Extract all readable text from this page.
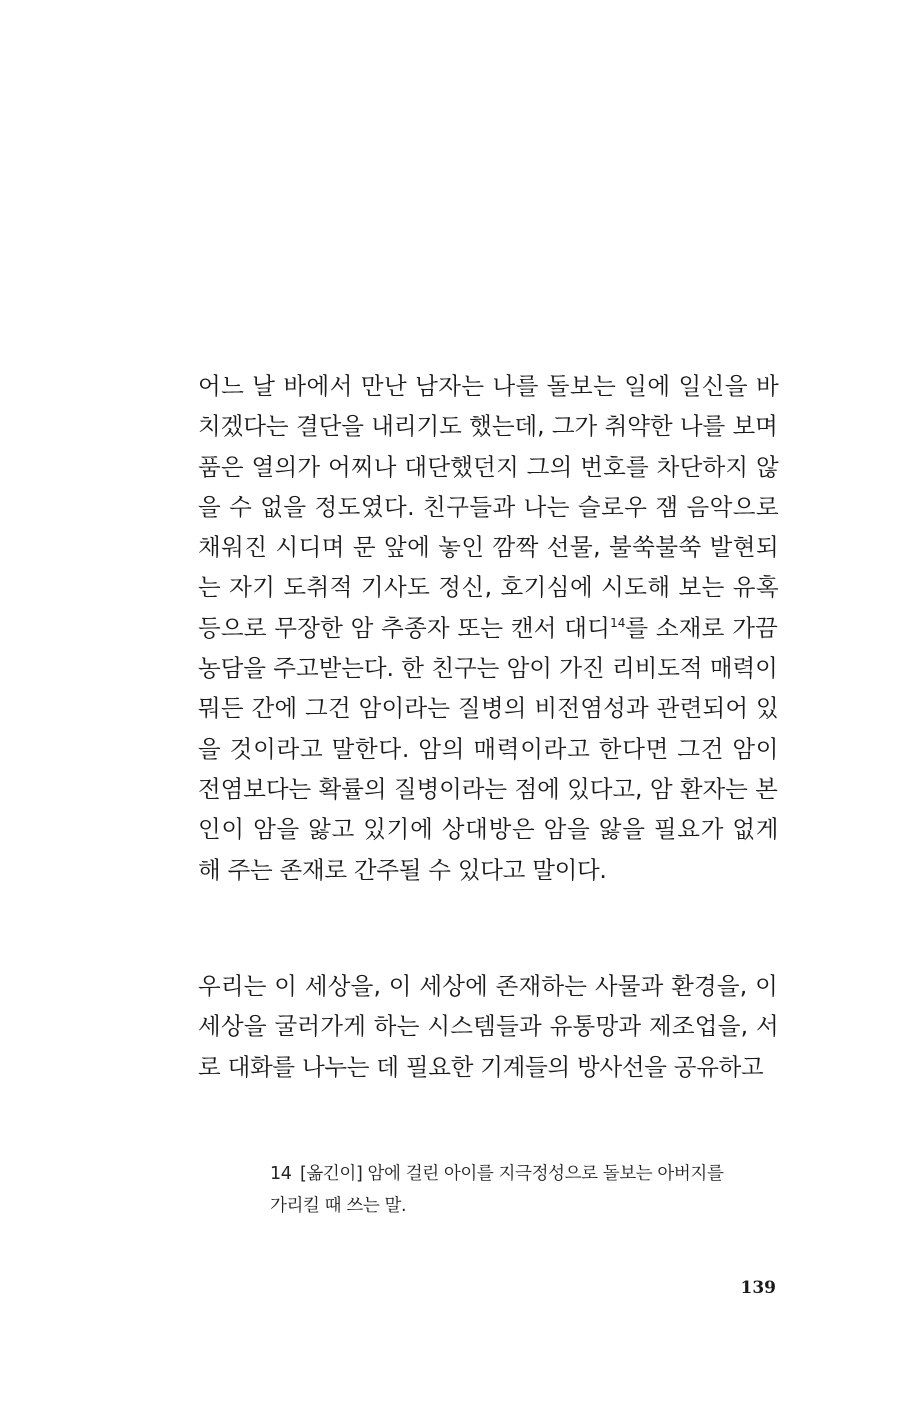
어느 날 바에서 만난 남자는 나를 돌보는 일에 일신을 바
치겠다는 결단을 내리기도 했는데, 그가 취약한 나를 보며
품은 열의가 어찌나 대단했던지 그의 번호를 차단하지 않
을 수 없을 정도였다. 친구들과 나는 슬로우 잼 음악으로
채워진 시디며 문 앞에 놓인 깜짝 선물, 불쑥불쑥 발현되
는 자기 도취적 기사도 정신, 호기심에 시도해 보는 유혹
등으로 무장한 암 추종자 또는 캔서 대디$^{14}$를 소재로 가끔
농담을 주고받는다. 한 친구는 암이 가진 리비도적 매력이
뭐든 간에 그건 암이라는 질병의 비전염성과 관련되어 있
을 것이라고 말한다. 암의 매력이라고 한다면 그건 암이
전염보다는 확률의 질병이라는 점에 있다고, 암 환자는 본
인이 암을 앓고 있기에 상대방은 암을 앓을 필요가 없게
해 주는 존재로 간주될 수 있다고 말이다.
우리는 이 세상을, 이 세상에 존재하는 사물과 환경을, 이
세상을 굴러가게 하는 시스템들과 유통망과 제조업을, 서
로 대화를 나누는 데 필요한 기계들의 방사선을 공유하고
14 [옮긴이] 암에 걸린 아이를 지극정성으로 돌보는 아버지를
가리킬 때 쓰는 말.
139
